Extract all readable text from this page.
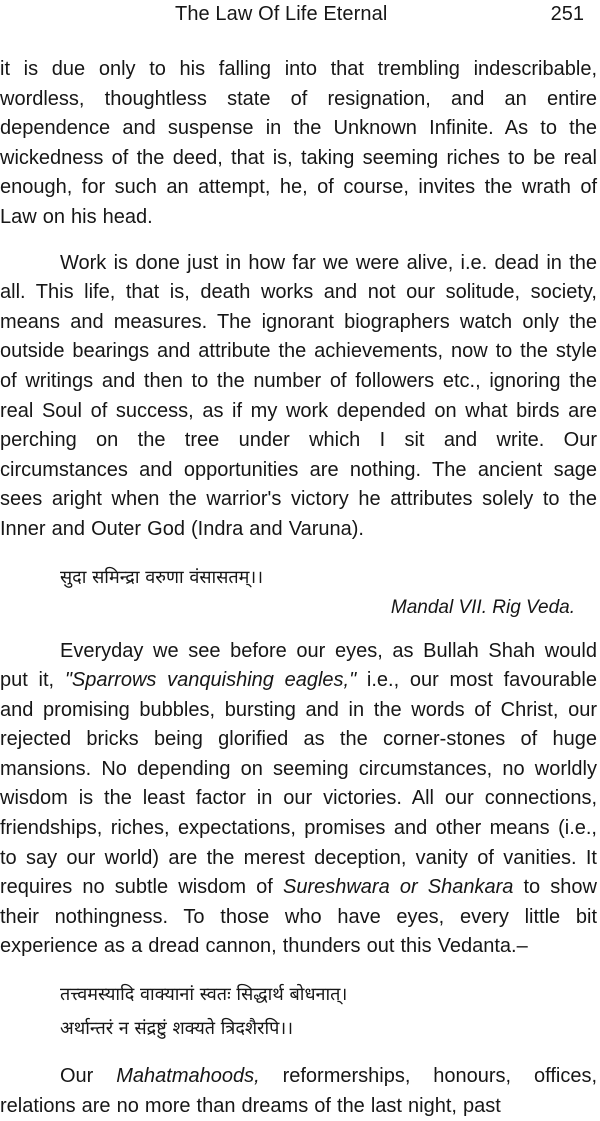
The Law Of Life Eternal	251

it is due only to his falling into that trembling indescribable, wordless, thoughtless state of resignation, and an entire dependence and suspense in the Unknown Infinite. As to the wickedness of the deed, that is, taking seeming riches to be real enough, for such an attempt, he, of course, invites the wrath of Law on his head.

Work is done just in how far we were alive, i.e. dead in the all. This life, that is, death works and not our solitude, society, means and measures. The ignorant biographers watch only the outside bearings and attribute the achievements, now to the style of writings and then to the number of followers etc., ignoring the real Soul of success, as if my work depended on what birds are perching on the tree under which I sit and write. Our circumstances and opportunities are nothing. The ancient sage sees aright when the warrior's victory he attributes solely to the Inner and Outer God (Indra and Varuna).

सुदा समिन्द्रा वरुणा वंसासतम्।।

Mandal VII. Rig Veda.

Everyday we see before our eyes, as Bullah Shah would put it, "Sparrows vanquishing eagles," i.e., our most favourable and promising bubbles, bursting and in the words of Christ, our rejected bricks being glorified as the corner-stones of huge mansions. No depending on seeming circumstances, no worldly wisdom is the least factor in our victories. All our connections, friendships, riches, expectations, promises and other means (i.e., to say our world) are the merest deception, vanity of vanities. It requires no subtle wisdom of Sureshwara or Shankara to show their nothingness. To those who have eyes, every little bit experience as a dread cannon, thunders out this Vedanta.–

तत्त्वमस्यादि वाक्यानां स्वतः सिद्धार्थ बोधनात्।

अर्थान्तरं न संद्रष्टुं शक्यते त्रिदशैरपि।।

Our Mahatmahoods, reformerships, honours, offices, relations are no more than dreams of the last night, past
